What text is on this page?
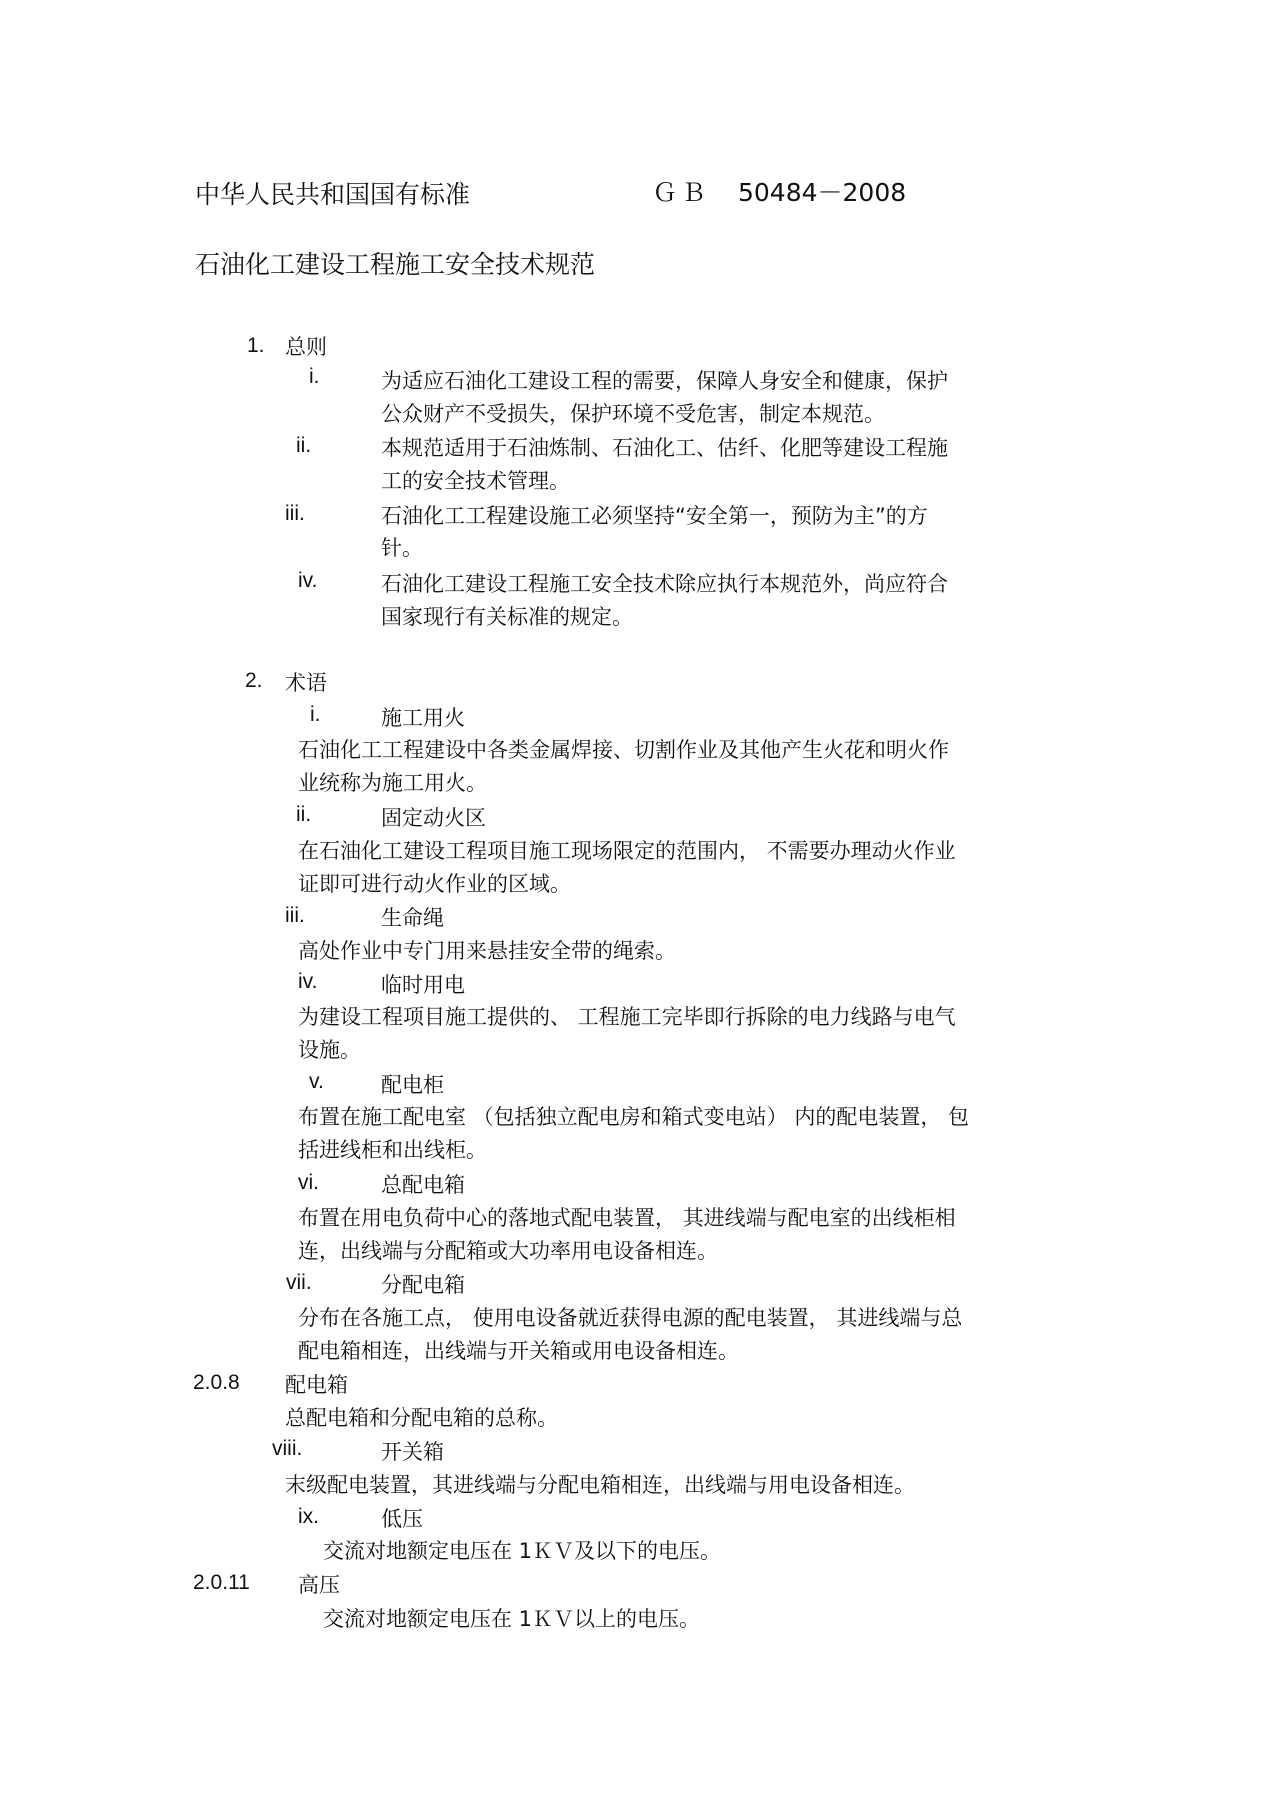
中华人民共和国国有标准	ＧＢ 50484－2008
石油化工建设工程施工安全技术规范
1. 总则
i.	为适应石油化工建设工程的需要，保障人身安全和健康，保护
公众财产不受损失，保护环境不受危害，制定本规范。
ii.	本规范适用于石油炼制、石油化工、估纤、化肥等建设工程施
工的安全技术管理。
iii.	石油化工工程建设施工必须坚持“安全第一，预防为主”的方
针。
iv.	石油化工建设工程施工安全技术除应执行本规范外，尚应符合
国家现行有关标准的规定。
2. 术语
i.	施工用火
石油化工工程建设中各类金属焊接、切割作业及其他产生火花和明火作
业统称为施工用火。
ii.	固定动火区
在石油化工建设工程项目施工现场限定的范围内， 不需要办理动火作业
证即可进行动火作业的区域。
iii.	生命绳
高处作业中专门用来悬挂安全带的绳索。
iv.	临时用电
为建设工程项目施工提供的、 工程施工完毕即行拆除的电力线路与电气
设施。
v.	配电柜
布置在施工配电室 （包括独立配电房和箱式变电站） 内的配电装置， 包
括进线柜和出线柜。
vi.	总配电箱
布置在用电负荷中心的落地式配电装置， 其进线端与配电室的出线柜相
连，出线端与分配箱或大功率用电设备相连。
vii.	分配电箱
分布在各施工点， 使用电设备就近获得电源的配电装置， 其进线端与总
配电箱相连，出线端与开关箱或用电设备相连。
2.0.8 配电箱
总配电箱和分配电箱的总称。
viii.	开关箱
末级配电装置，其进线端与分配电箱相连，出线端与用电设备相连。
ix.	低压
交流对地额定电压在 1ＫＶ及以下的电压。
2.0.11 高压
交流对地额定电压在 1ＫＶ以上的电压。
